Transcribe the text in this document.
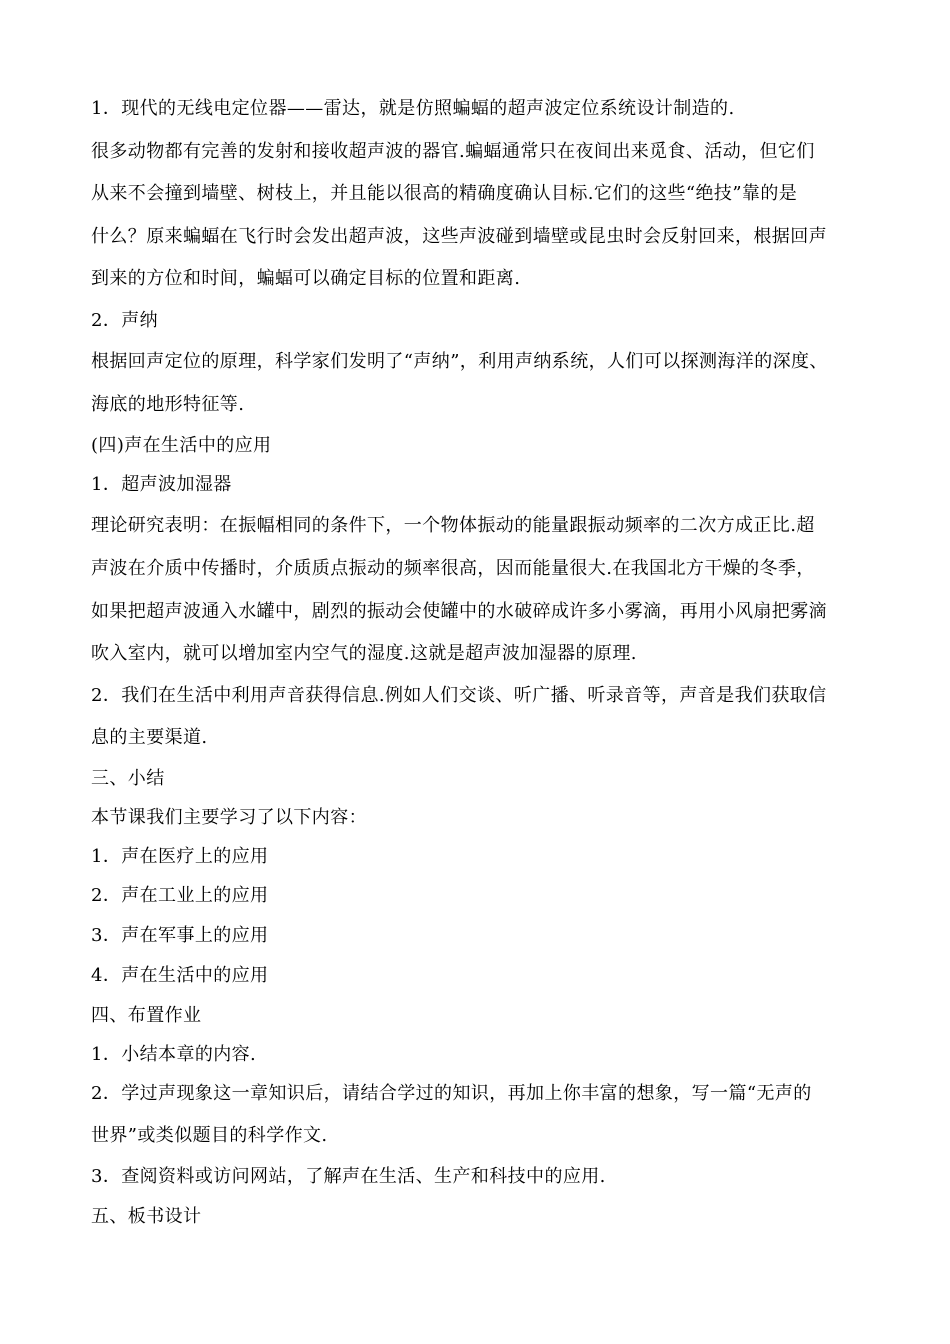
1．现代的无线电定位器——雷达，就是仿照蝙蝠的超声波定位系统设计制造的.
很多动物都有完善的发射和接收超声波的器官.蝙蝠通常只在夜间出来觅食、活动，但它们
从来不会撞到墙壁、树枝上，并且能以很高的精确度确认目标.它们的这些“绝技”靠的是
什么？原来蝙蝠在飞行时会发出超声波，这些声波碰到墙壁或昆虫时会反射回来，根据回声
到来的方位和时间，蝙蝠可以确定目标的位置和距离.
2．声纳
根据回声定位的原理，科学家们发明了“声纳”，利用声纳系统，人们可以探测海洋的深度、
海底的地形特征等.
(四)声在生活中的应用
1．超声波加湿器
理论研究表明：在振幅相同的条件下，一个物体振动的能量跟振动频率的二次方成正比.超
声波在介质中传播时，介质质点振动的频率很高，因而能量很大.在我国北方干燥的冬季，
如果把超声波通入水罐中，剧烈的振动会使罐中的水破碎成许多小雾滴，再用小风扇把雾滴
吹入室内，就可以增加室内空气的湿度.这就是超声波加湿器的原理.
2．我们在生活中利用声音获得信息.例如人们交谈、听广播、听录音等，声音是我们获取信
息的主要渠道.
三、小结
本节课我们主要学习了以下内容：
1．声在医疗上的应用
2．声在工业上的应用
3．声在军事上的应用
4．声在生活中的应用
四、布置作业
1．小结本章的内容.
2．学过声现象这一章知识后，请结合学过的知识，再加上你丰富的想象，写一篇“无声的
世界”或类似题目的科学作文.
3．查阅资料或访问网站，了解声在生活、生产和科技中的应用.
五、板书设计
